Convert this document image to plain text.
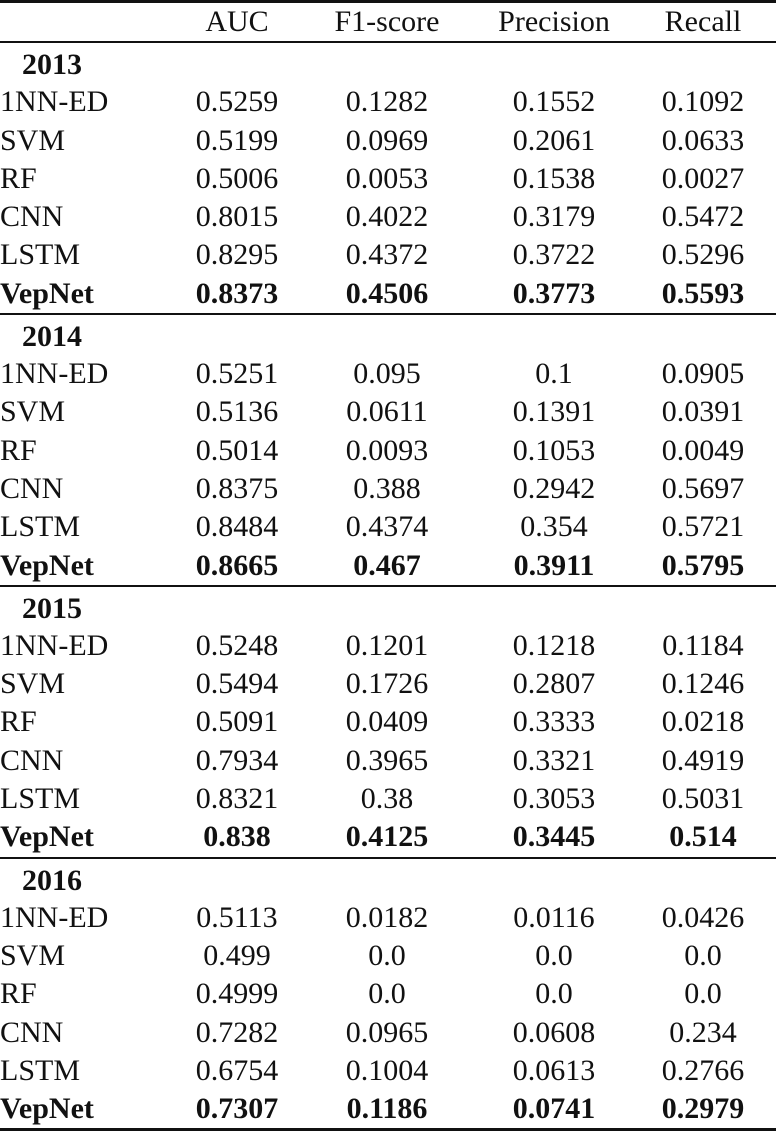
	AUC	F1-score	Precision	Recall
2013				
1NN-ED	0.5259	0.1282	0.1552	0.1092
SVM	0.5199	0.0969	0.2061	0.0633
RF	0.5006	0.0053	0.1538	0.0027
CNN	0.8015	0.4022	0.3179	0.5472
LSTM	0.8295	0.4372	0.3722	0.5296
VepNet	0.8373	0.4506	0.3773	0.5593
2014				
1NN-ED	0.5251	0.095	0.1	0.0905
SVM	0.5136	0.0611	0.1391	0.0391
RF	0.5014	0.0093	0.1053	0.0049
CNN	0.8375	0.388	0.2942	0.5697
LSTM	0.8484	0.4374	0.354	0.5721
VepNet	0.8665	0.467	0.3911	0.5795
2015				
1NN-ED	0.5248	0.1201	0.1218	0.1184
SVM	0.5494	0.1726	0.2807	0.1246
RF	0.5091	0.0409	0.3333	0.0218
CNN	0.7934	0.3965	0.3321	0.4919
LSTM	0.8321	0.38	0.3053	0.5031
VepNet	0.838	0.4125	0.3445	0.514
2016				
1NN-ED	0.5113	0.0182	0.0116	0.0426
SVM	0.499	0.0	0.0	0.0
RF	0.4999	0.0	0.0	0.0
CNN	0.7282	0.0965	0.0608	0.234
LSTM	0.6754	0.1004	0.0613	0.2766
VepNet	0.7307	0.1186	0.0741	0.2979
